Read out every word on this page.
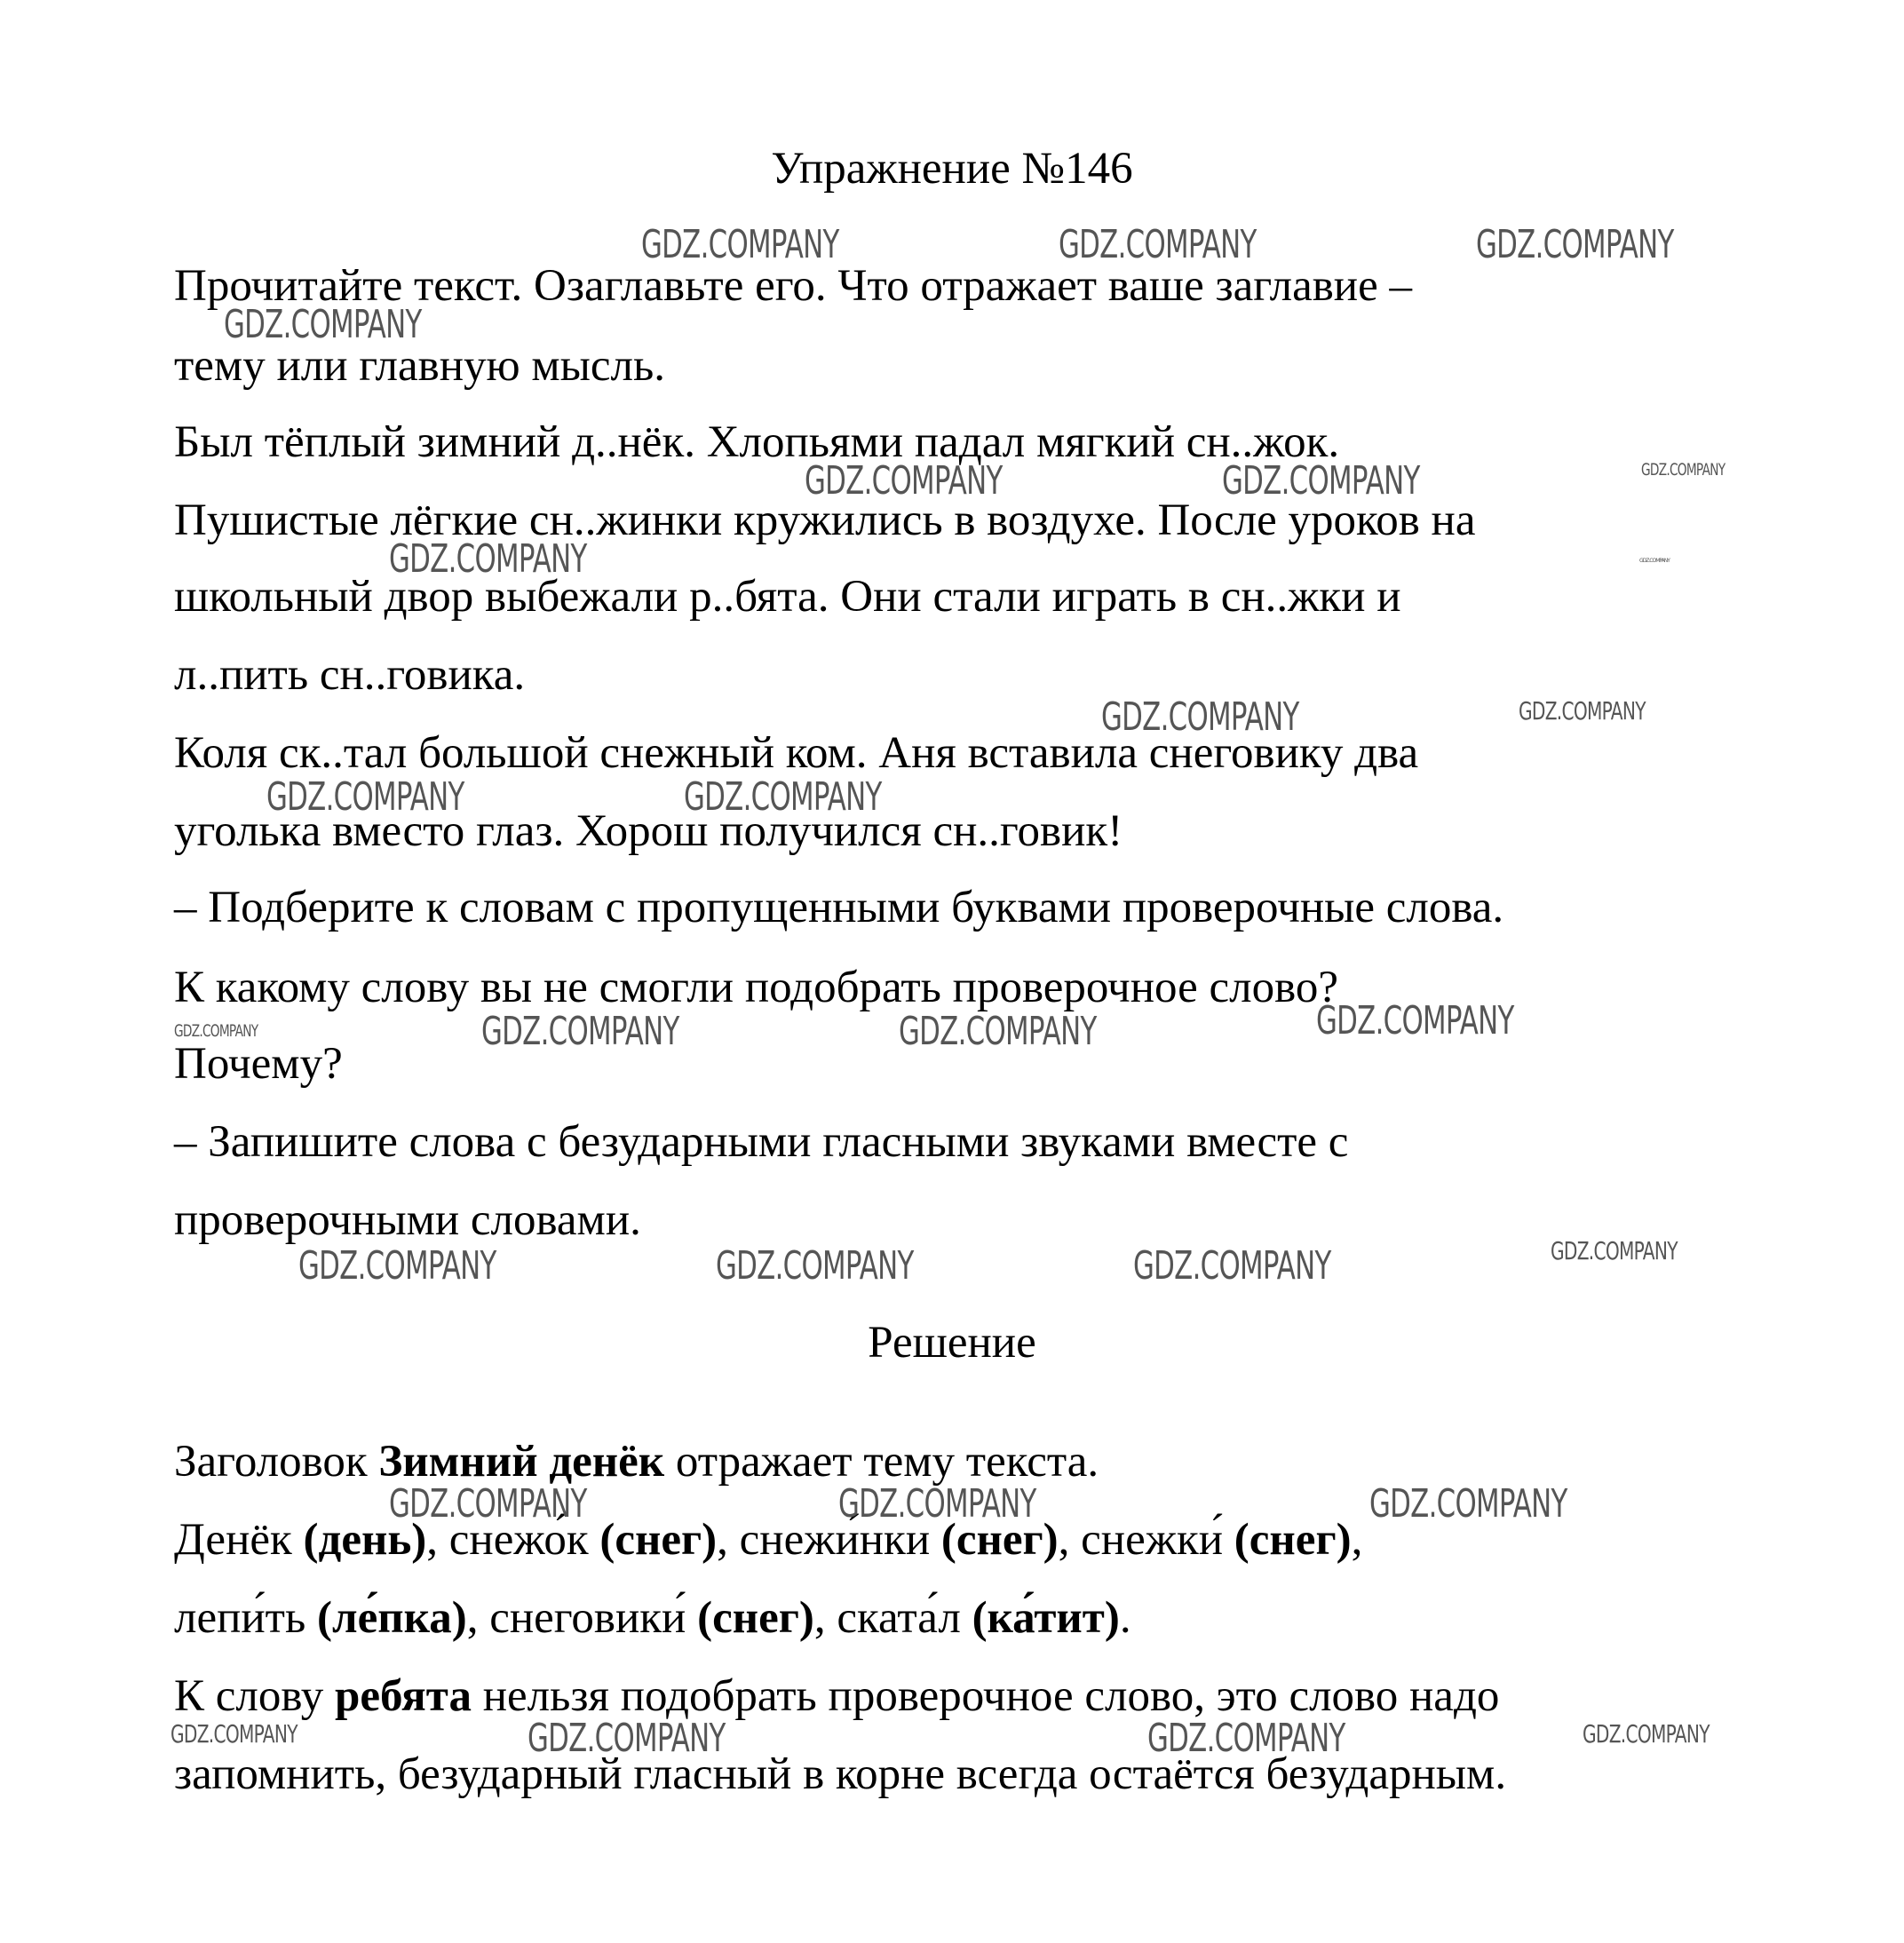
Упражнение №146

Прочитайте текст. Озаглавьте его. Что отражает ваше заглавие –

тему или главную мысль.

Был тёплый зимний д..нёк. Хлопьями падал мягкий сн..жок.

Пушистые лёгкие сн..жинки кружились в воздухе. После уроков на

школьный двор выбежали р..бята. Они стали играть в сн..жки и

л..пить сн..говика.

Коля ск..тал большой снежный ком. Аня вставила снеговику два

уголька вместо глаз. Хорош получился сн..говик!

– Подберите к словам с пропущенными буквами проверочные слова.

К какому слову вы не смогли подобрать проверочное слово?

Почему?

– Запишите слова с безударными гласными звуками вместе с

проверочными словами.

Решение

Заголовок Зимний денёк отражает тему текста.

Денёк (день), снежо́к (снег), снежи́нки (снег), снежки́ (снег),

лепи́ть (ле́пка), снеговики́ (снег), ската́л (ка́тит).

К слову ребята нельзя подобрать проверочное слово, это слово надо

запомнить, безударный гласный в корне всегда остаётся безударным.

GDZ.COMPANY	GDZ.COMPANY	GDZ.COMPANY
GDZ.COMPANY
GDZ.COMPANY	GDZ.COMPANY	GDZ.COMPANY
GDZ.COMPANY	GDZ.COMPANY
GDZ.COMPANY	GDZ.COMPANY
GDZ.COMPANY	GDZ.COMPANY
GDZ.COMPANY	GDZ.COMPANY	GDZ.COMPANY	GDZ.COMPANY
GDZ.COMPANY	GDZ.COMPANY	GDZ.COMPANY	GDZ.COMPANY
GDZ.COMPANY	GDZ.COMPANY	GDZ.COMPANY
GDZ.COMPANY	GDZ.COMPANY	GDZ.COMPANY	GDZ.COMPANY
